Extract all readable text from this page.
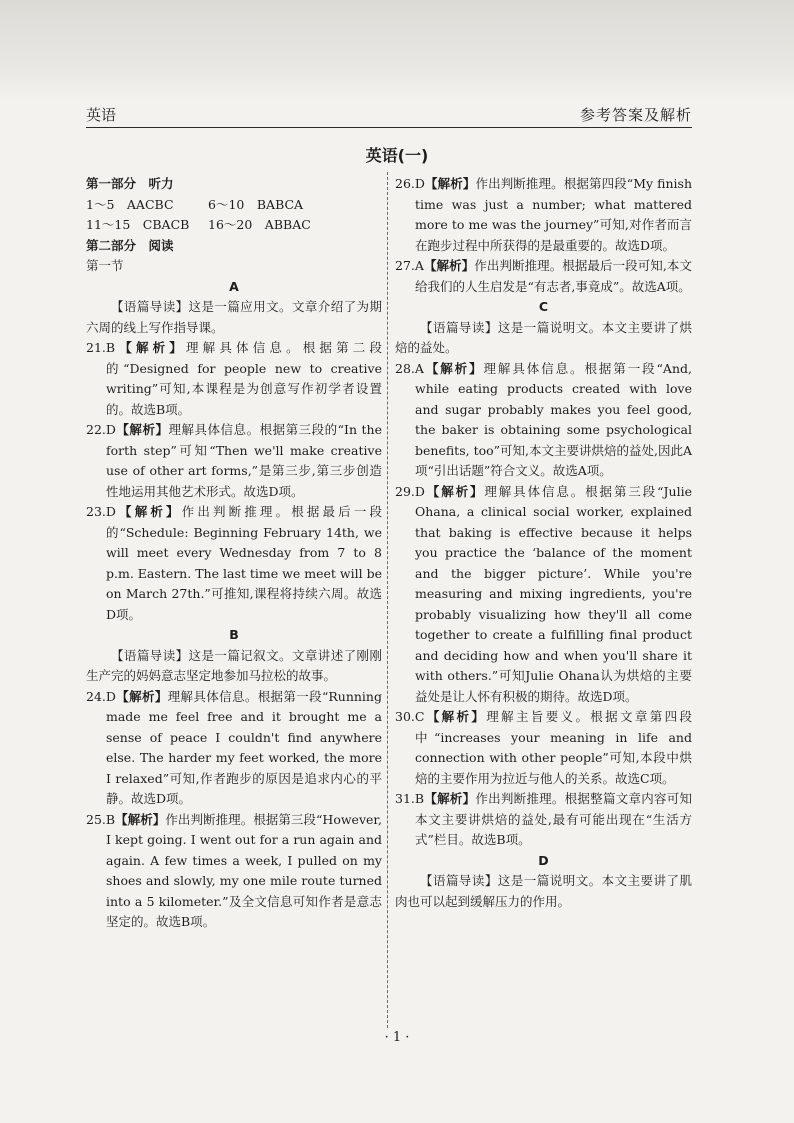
英语	参考答案及解析
英语(一)

第一部分　听力

1～5　AACBC	6～10　BABCA
11～15　CBACB	16～20　ABBAC

第二部分　阅读

第一节

A

【语篇导读】这是一篇应用文。文章介绍了为期六周的线上写作指导课。

21.B【解析】理解具体信息。根据第二段的“Designed for people new to creative writing”可知,本课程是为创意写作初学者设置的。故选B项。

22.D【解析】理解具体信息。根据第三段的“In the forth step”可知“Then we'll make creative use of other art forms,”是第三步,第三步创造性地运用其他艺术形式。故选D项。

23.D【解析】作出判断推理。根据最后一段的“Schedule: Beginning February 14th, we will meet every Wednesday from 7 to 8 p.m. Eastern. The last time we meet will be on March 27th.”可推知,课程将持续六周。故选D项。

B

【语篇导读】这是一篇记叙文。文章讲述了刚刚生产完的妈妈意志坚定地参加马拉松的故事。

24.D【解析】理解具体信息。根据第一段“Running made me feel free and it brought me a sense of peace I couldn't find anywhere else. The harder my feet worked, the more I relaxed”可知,作者跑步的原因是追求内心的平静。故选D项。

25.B【解析】作出判断推理。根据第三段“However, I kept going. I went out for a run again and again. A few times a week, I pulled on my shoes and slowly, my one mile route turned into a 5 kilometer.”及全文信息可知作者是意志坚定的。故选B项。

26.D【解析】作出判断推理。根据第四段“My finish time was just a number; what mattered more to me was the journey”可知,对作者而言在跑步过程中所获得的是最重要的。故选D项。

27.A【解析】作出判断推理。根据最后一段可知,本文给我们的人生启发是“有志者,事竟成”。故选A项。

C

【语篇导读】这是一篇说明文。本文主要讲了烘焙的益处。

28.A【解析】理解具体信息。根据第一段“And, while eating products created with love and sugar probably makes you feel good, the baker is obtaining some psychological benefits, too”可知,本文主要讲烘焙的益处,因此A项“引出话题”符合文义。故选A项。

29.D【解析】理解具体信息。根据第三段“Julie Ohana, a clinical social worker, explained that baking is effective because it helps you practice the ‘balance of the moment and the bigger picture’. While you're measuring and mixing ingredients, you're probably visualizing how they'll all come together to create a fulfilling final product and deciding how and when you'll share it with others.”可知Julie Ohana认为烘焙的主要益处是让人怀有积极的期待。故选D项。

30.C【解析】理解主旨要义。根据文章第四段中“increases your meaning in life and connection with other people”可知,本段中烘焙的主要作用为拉近与他人的关系。故选C项。

31.B【解析】作出判断推理。根据整篇文章内容可知本文主要讲烘焙的益处,最有可能出现在“生活方式”栏目。故选B项。

D

【语篇导读】这是一篇说明文。本文主要讲了肌肉也可以起到缓解压力的作用。

· 1 ·
